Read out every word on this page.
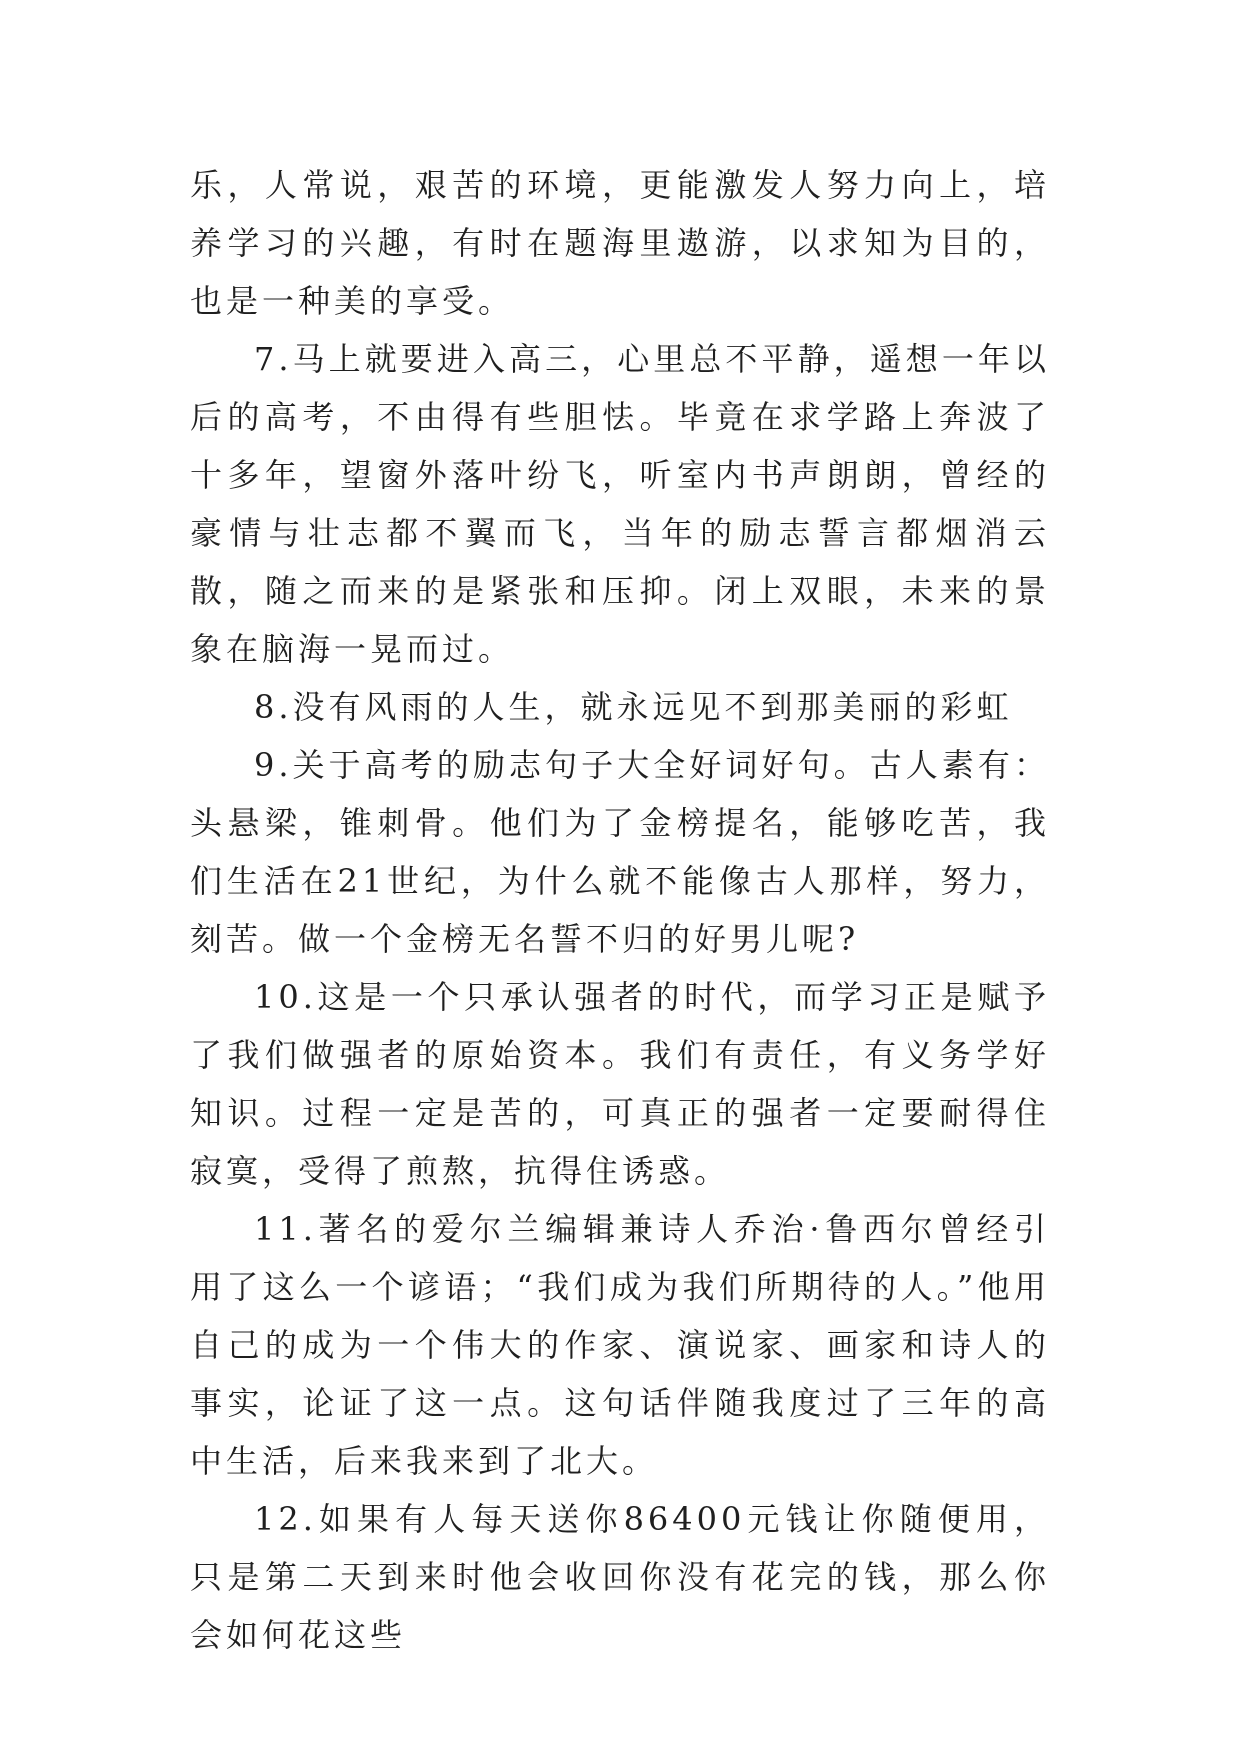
乐，人常说，艰苦的环境，更能激发人努力向上，培养学习的兴趣，有时在题海里遨游，以求知为目的，也是一种美的享受。

7.马上就要进入高三，心里总不平静，遥想一年以后的高考，不由得有些胆怯。毕竟在求学路上奔波了十多年，望窗外落叶纷飞，听室内书声朗朗，曾经的豪情与壮志都不翼而飞，当年的励志誓言都烟消云散，随之而来的是紧张和压抑。闭上双眼，未来的景象在脑海一晃而过。

8.没有风雨的人生，就永远见不到那美丽的彩虹

9.关于高考的励志句子大全好词好句。古人素有：头悬梁，锥刺骨。他们为了金榜提名，能够吃苦，我们生活在21世纪，为什么就不能像古人那样，努力，刻苦。做一个金榜无名誓不归的好男儿呢?

10.这是一个只承认强者的时代，而学习正是赋予了我们做强者的原始资本。我们有责任，有义务学好知识。过程一定是苦的，可真正的强者一定要耐得住寂寞，受得了煎熬，抗得住诱惑。

11.著名的爱尔兰编辑兼诗人乔治·鲁西尔曾经引用了这么一个谚语；“我们成为我们所期待的人。”他用自己的成为一个伟大的作家、演说家、画家和诗人的事实，论证了这一点。这句话伴随我度过了三年的高中生活，后来我来到了北大。

12.如果有人每天送你86400元钱让你随便用，只是第二天到来时他会收回你没有花完的钱，那么你会如何花这些
